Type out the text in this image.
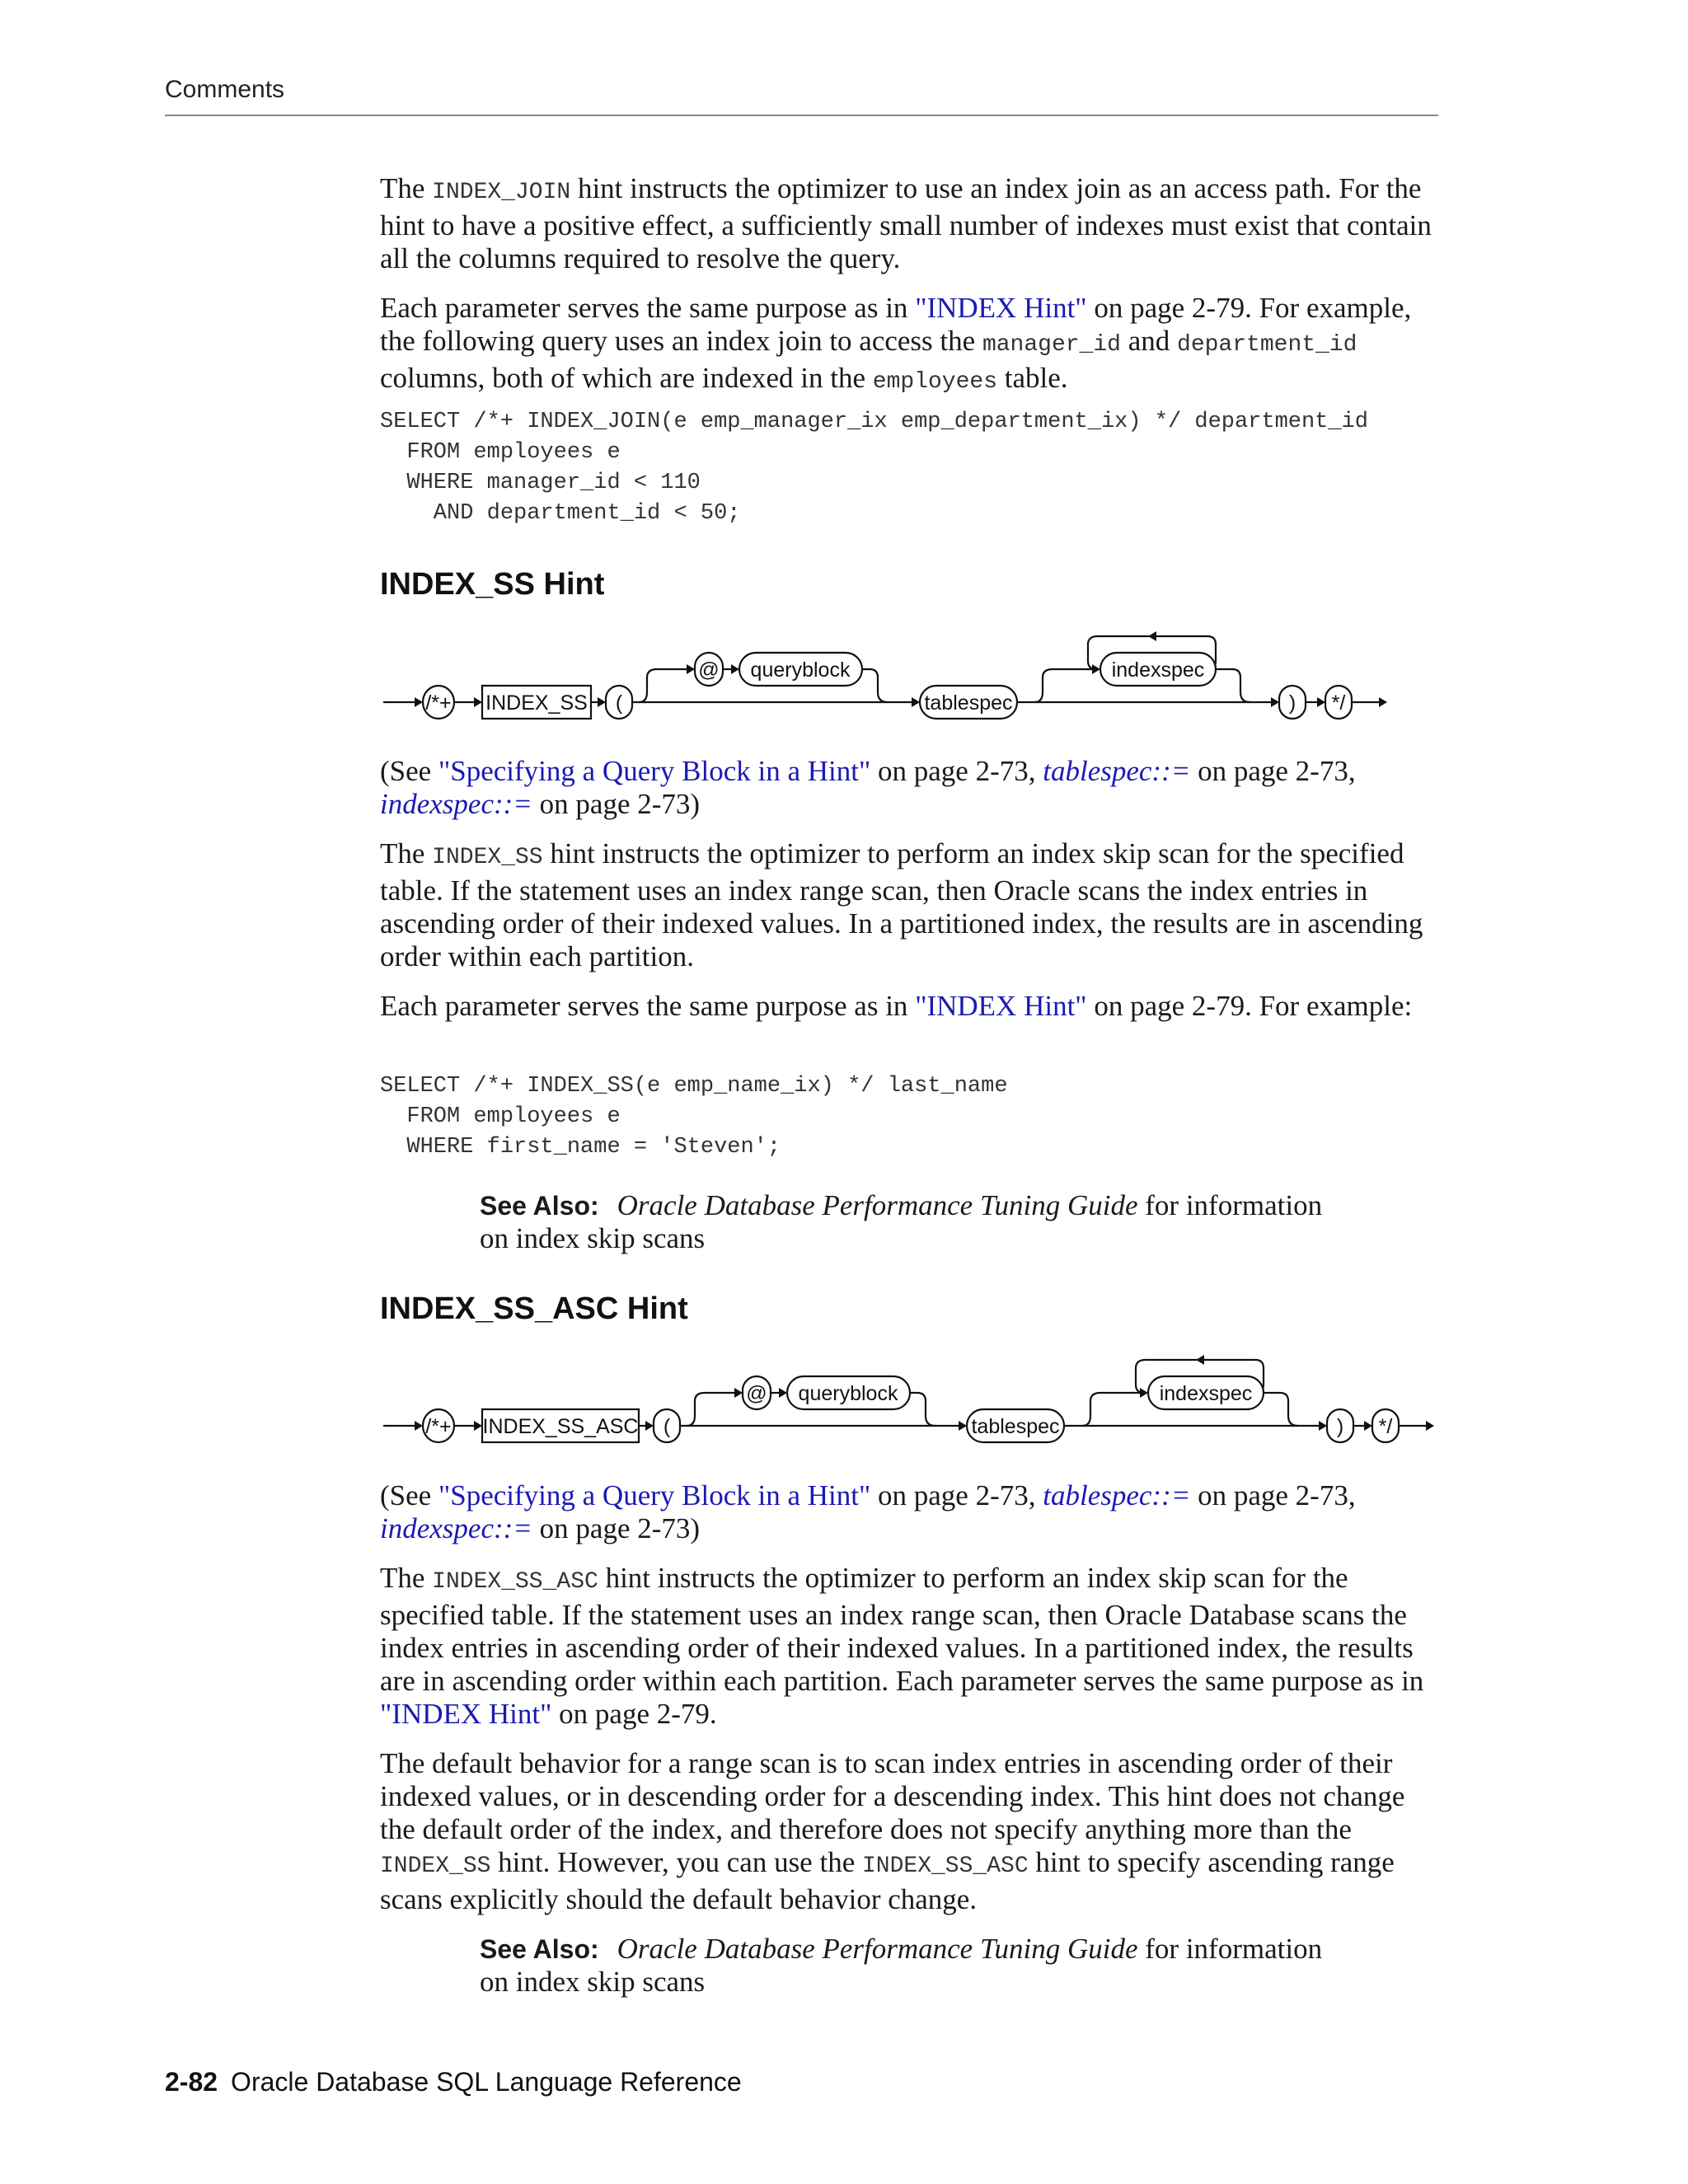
Comments

The INDEX_JOIN hint instructs the optimizer to use an index join as an access path. For the hint to have a positive effect, a sufficiently small number of indexes must exist that contain all the columns required to resolve the query.

Each parameter serves the same purpose as in "INDEX Hint" on page 2-79. For example, the following query uses an index join to access the manager_id and department_id columns, both of which are indexed in the employees table.

SELECT /*+ INDEX_JOIN(e emp_manager_ix emp_department_ix) */ department_id
FROM employees e
WHERE manager_id < 110
AND department_id < 50;
INDEX_SS Hint
/*+ INDEX_SS (
@ queryblock
tablespec
indexspec
) */

(See "Specifying a Query Block in a Hint" on page 2-73, tablespec::= on page 2-73, indexspec::= on page 2-73)

The INDEX_SS hint instructs the optimizer to perform an index skip scan for the specified table. If the statement uses an index range scan, then Oracle scans the index entries in ascending order of their indexed values. In a partitioned index, the results are in ascending order within each partition.

Each parameter serves the same purpose as in "INDEX Hint" on page 2-79. For example:

SELECT /*+ INDEX_SS(e emp_name_ix) */ last_name
FROM employees e
WHERE first_name = 'Steven';
See Also: Oracle Database Performance Tuning Guide for information on index skip scans
INDEX_SS_ASC Hint
/*+ INDEX_SS_ASC (
@ queryblock
tablespec
indexspec
) */

(See "Specifying a Query Block in a Hint" on page 2-73, tablespec::= on page 2-73, indexspec::= on page 2-73)

The INDEX_SS_ASC hint instructs the optimizer to perform an index skip scan for the specified table. If the statement uses an index range scan, then Oracle Database scans the index entries in ascending order of their indexed values. In a partitioned index, the results are in ascending order within each partition. Each parameter serves the same purpose as in "INDEX Hint" on page 2-79.

The default behavior for a range scan is to scan index entries in ascending order of their indexed values, or in descending order for a descending index. This hint does not change the default order of the index, and therefore does not specify anything more than the INDEX_SS hint. However, you can use the INDEX_SS_ASC hint to specify ascending range scans explicitly should the default behavior change.

See Also: Oracle Database Performance Tuning Guide for information on index skip scans
2-82 Oracle Database SQL Language Reference
